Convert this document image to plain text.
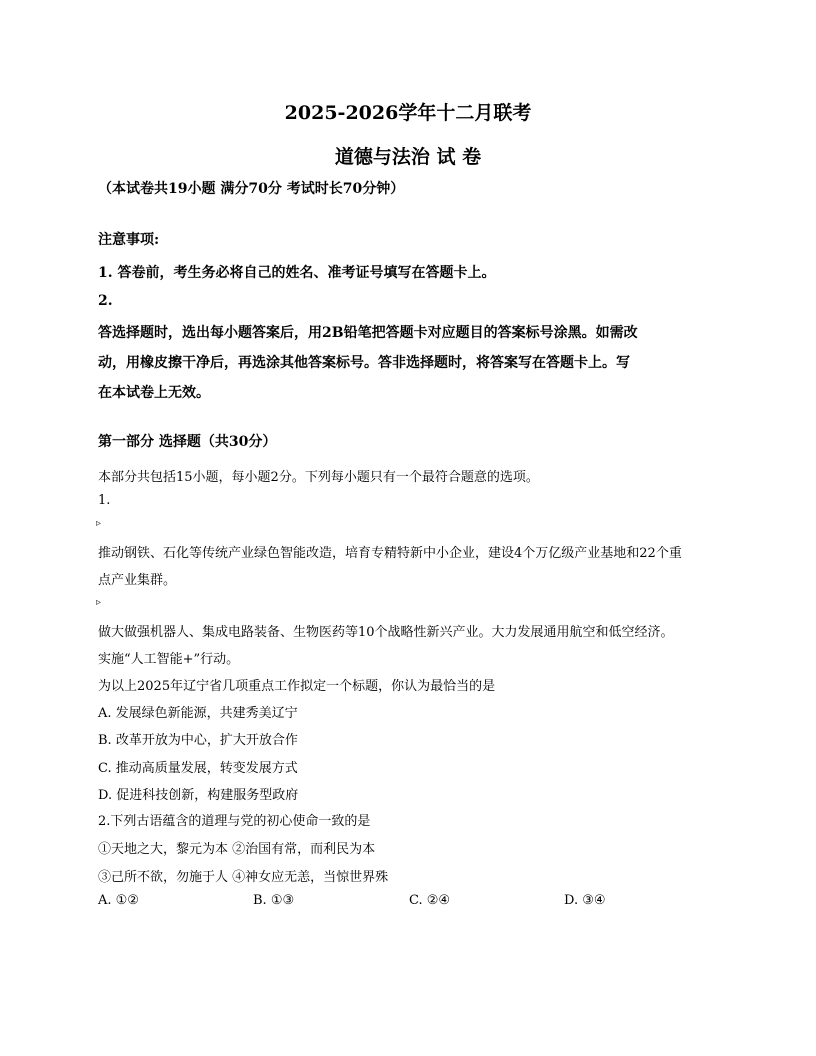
2025-2026学年十二月联考
道德与法治 试 卷
（本试卷共19小题 满分70分 考试时长70分钟）
注意事项:
1. 答卷前，考生务必将自己的姓名、准考证号填写在答题卡上。
2.
答选择题时，选出每小题答案后，用2B铅笔把答题卡对应题目的答案标号涂黑。如需改
动，用橡皮擦干净后，再选涂其他答案标号。答非选择题时，将答案写在答题卡上。写
在本试卷上无效。
第一部分 选择题（共30分）
本部分共包括15小题，每小题2分。下列每小题只有一个最符合题意的选项。
1.
▹
推动钢铁、石化等传统产业绿色智能改造，培育专精特新中小企业，建设4个万亿级产业基地和22个重
点产业集群。
▹
做大做强机器人、集成电路装备、生物医药等10个战略性新兴产业。大力发展通用航空和低空经济。
实施“人工智能+”行动。
为以上2025年辽宁省几项重点工作拟定一个标题，你认为最恰当的是
A. 发展绿色新能源，共建秀美辽宁
B. 改革开放为中心，扩大开放合作
C. 推动高质量发展，转变发展方式
D. 促进科技创新，构建服务型政府
2.下列古语蕴含的道理与党的初心使命一致的是
①天地之大，黎元为本 ②治国有常，而利民为本
③己所不欲，勿施于人 ④神女应无恙，当惊世界殊
A. ①②	B. ①③	C. ②④	D. ③④
